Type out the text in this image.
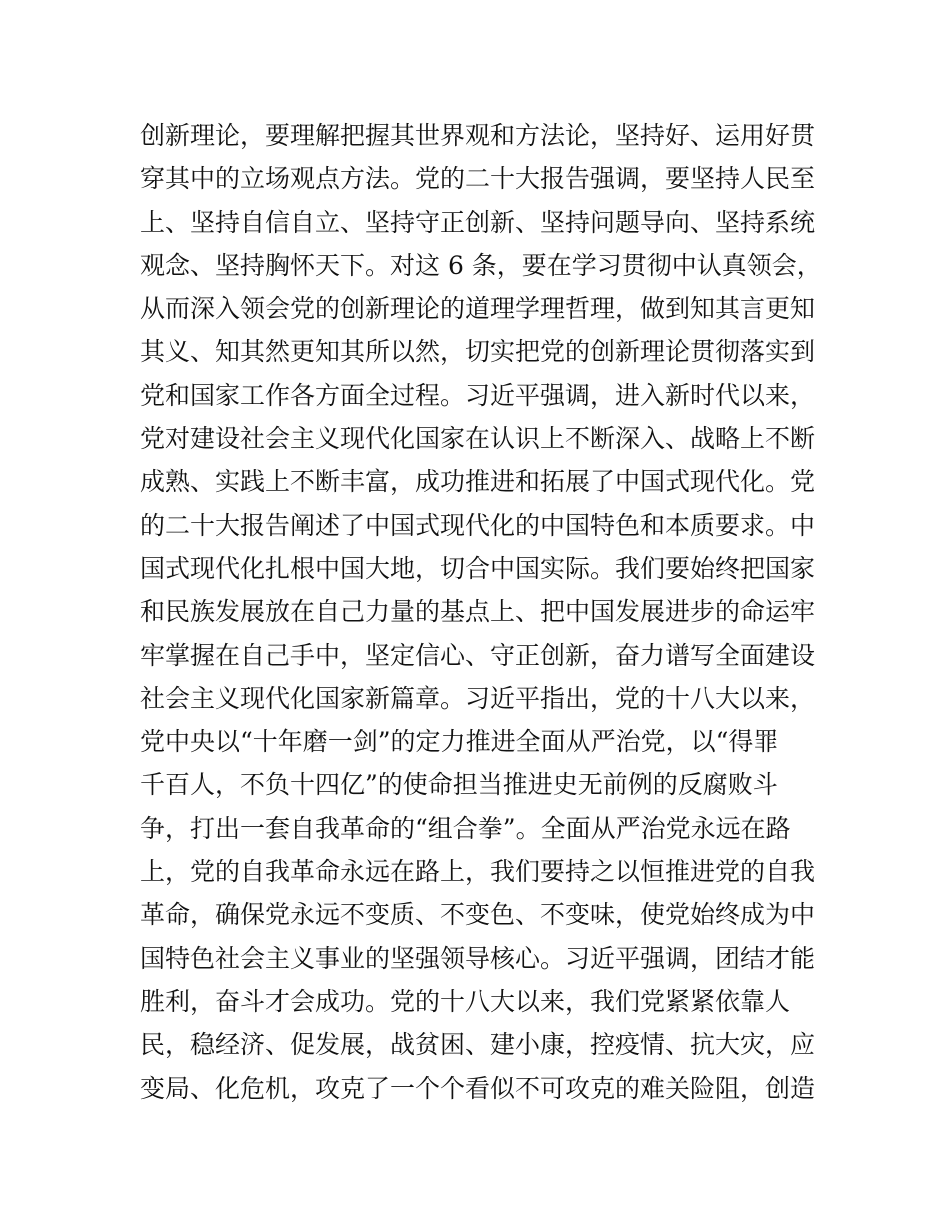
创新理论，要理解把握其世界观和方法论，坚持好、运用好贯
穿其中的立场观点方法。党的二十大报告强调，要坚持人民至
上、坚持自信自立、坚持守正创新、坚持问题导向、坚持系统
观念、坚持胸怀天下。对这 6 条，要在学习贯彻中认真领会，
从而深入领会党的创新理论的道理学理哲理，做到知其言更知
其义、知其然更知其所以然，切实把党的创新理论贯彻落实到
党和国家工作各方面全过程。习近平强调，进入新时代以来，
党对建设社会主义现代化国家在认识上不断深入、战略上不断
成熟、实践上不断丰富，成功推进和拓展了中国式现代化。党
的二十大报告阐述了中国式现代化的中国特色和本质要求。中
国式现代化扎根中国大地，切合中国实际。我们要始终把国家
和民族发展放在自己力量的基点上、把中国发展进步的命运牢
牢掌握在自己手中，坚定信心、守正创新，奋力谱写全面建设
社会主义现代化国家新篇章。习近平指出，党的十八大以来，
党中央以“十年磨一剑”的定力推进全面从严治党，以“得罪
千百人，不负十四亿”的使命担当推进史无前例的反腐败斗
争，打出一套自我革命的“组合拳”。全面从严治党永远在路
上，党的自我革命永远在路上，我们要持之以恒推进党的自我
革命，确保党永远不变质、不变色、不变味，使党始终成为中
国特色社会主义事业的坚强领导核心。习近平强调，团结才能
胜利，奋斗才会成功。党的十八大以来，我们党紧紧依靠人
民，稳经济、促发展，战贫困、建小康，控疫情、抗大灾，应
变局、化危机，攻克了一个个看似不可攻克的难关险阻，创造
